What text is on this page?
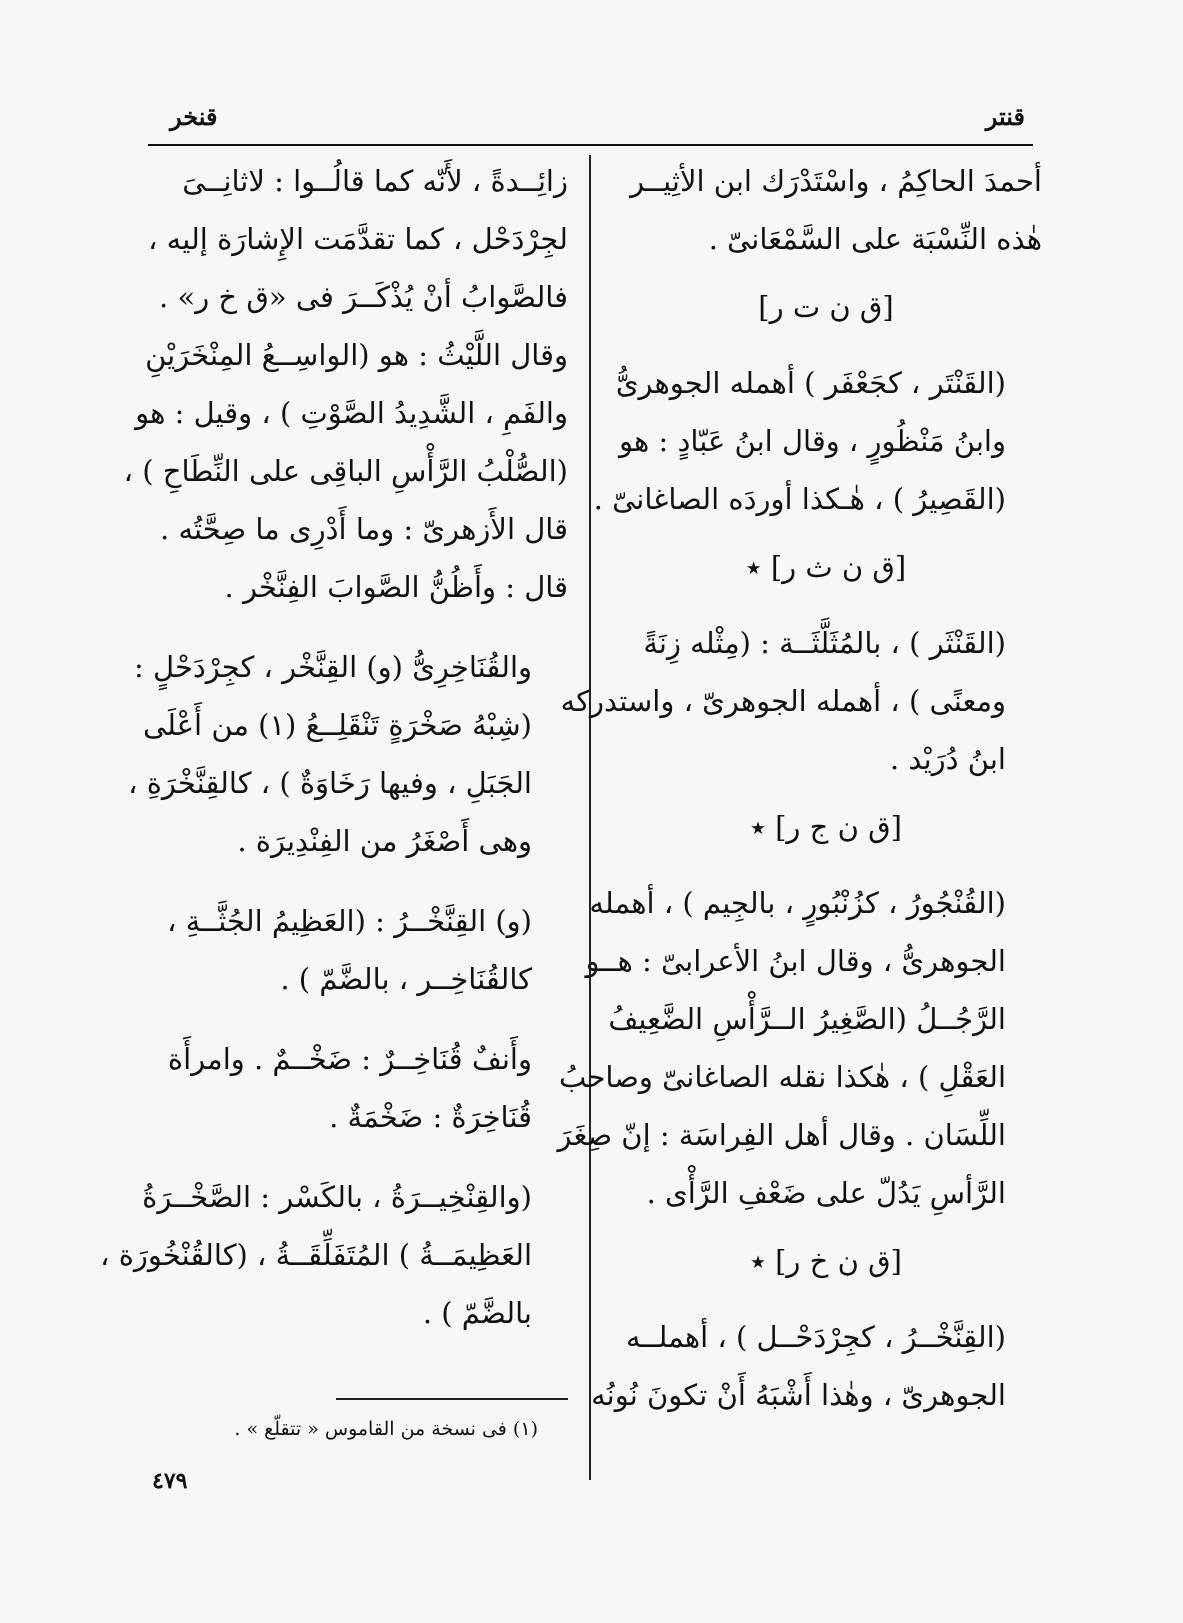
قنتر
قنخر
أحمدَ الحاكِمُ ، واسْتَدْرَك ابن الأثِيــر
هٰذه النِّسْبَة على السَّمْعَانىّ .
[ق ن ت ر]
(القَنْتَر ، كجَعْفَر ) أهمله الجوهرىُّ
وابنُ مَنْظُورٍ ، وقال ابنُ عَبّادٍ : هو
(القَصِيرُ ) ، هٰـكذا أوردَه الصاغانىّ .
[ق ن ث ر] ٭
(القَنْثَر ) ، بالمُثَلَّثَــة : (مِثْله زِنَةً
ومعنًى ) ، أهمله الجوهرىّ ، واستدركه
ابنُ دُرَيْد .
[ق ن ج ر] ٭
(القُنْجُورُ ، كزُنْبُورٍ ، بالجِيم ) ، أهمله
الجوهرىُّ ، وقال ابنُ الأعرابىّ : هــو
الرَّجُــلُ (الصَّغِيرُ الــرَّأْسِ الضَّعِيفُ
العَقْلِ ) ، هٰكذا نقله الصاغانىّ وصاحبُ
اللِّسَان . وقال أهل الفِراسَة : إنّ صِغَرَ
الرَّأسِ يَدُلّ على ضَعْفِ الرَّأْى .
[ق ن خ ر] ٭
(القِنَّخْــرُ ، كجِرْدَحْــل ) ، أهملــه
الجوهرىّ ، وهٰذا أَشْبَهُ أَنْ تكونَ نُونُه
زائِــدةً ، لأَنّه كما قالُــوا : لاثانِــىَ
لجِرْدَحْل ، كما تقدَّمَت الإِشارَة إليه ،
فالصَّوابُ أنْ يُذْكَــرَ فى «ق خ ر» .
وقال اللَّيْثُ : هو (الواسِــعُ المِنْخَرَيْنِ
والفَمِ ، الشَّدِيدُ الصَّوْتِ ) ، وقيل : هو
(الصُّلْبُ الرَّأْسِ الباقِى على النِّطَاحِ ) ،
قال الأَزهرىّ : وما أَدْرِى ما صِحَّتُه .
قال : وأَظُنُّ الصَّوابَ الفِنَّخْر .
والقُنَاخِرِىُّ (و) القِنَّخْر ، كجِرْدَحْلٍ :
(شِبْهُ صَخْرَةٍ تَنْقَلِــعُ (١) من أَعْلَى
الجَبَلِ ، وفيها رَخَاوَةٌ ) ، كالقِنَّخْرَةِ ،
وهى أَصْغَرُ من الفِنْدِيرَة .
(و) القِنَّخْــرُ : (العَظِيمُ الجُثَّــةِ ،
كالقُنَاخِــر ، بالضَّمّ ) .
وأَنفٌ قُنَاخِــرٌ : ضَخْــمٌ . وامرأَة
قُنَاخِرَةٌ : ضَخْمَةٌ .
(والقِنْخِيــرَةُ ، بالكَسْر : الصَّخْــرَةُ
العَظِيمَــةُ ) المُتَفَلِّقَــةُ ، (كالقُنْخُورَة ،
بالضَّمّ ) .
(١) فى نسخة من القاموس « تتقلّع » .
٤٧٩
